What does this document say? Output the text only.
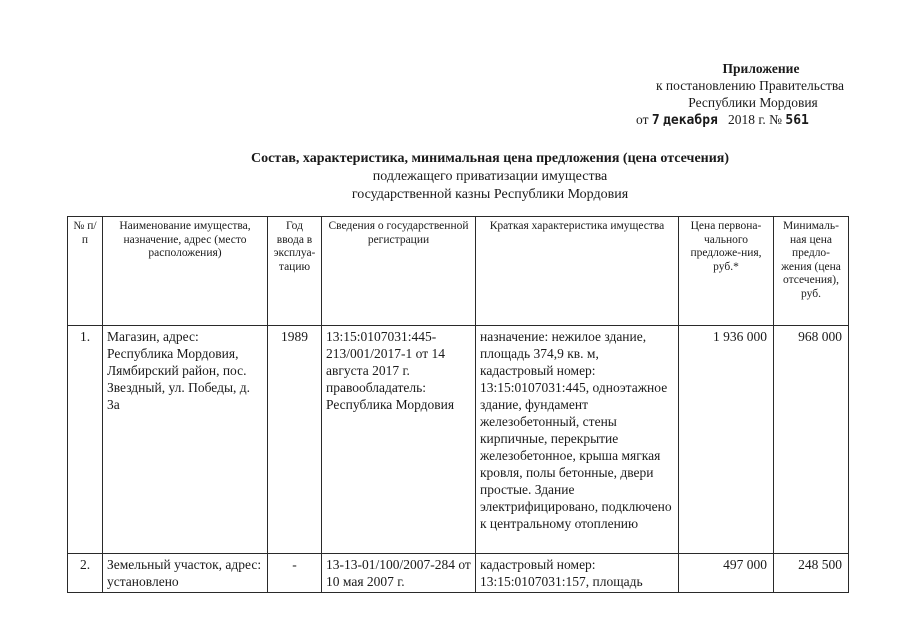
Приложение
к постановлению Правительства
Республики Мордовия
от 7 декабря 2018 г. № 561
Состав, характеристика, минимальная цена предложения (цена отсечения)
подлежащего приватизации имущества
государственной казны Республики Мордовия
№ п/п	Наименование имущества, назначение, адрес (место расположения)	Год ввода в эксплуа-тацию	Сведения о государственной регистрации	Краткая характеристика имущества	Цена первона-чального предложе-ния, руб.*	Минималь-ная цена предло-жения (цена отсечения), руб.
1.	Магазин, адрес: Республика Мордовия, Лямбирский район, пос. Звездный, ул. Победы, д. 3а	1989	13:15:0107031:445-213/001/2017-1 от 14 августа 2017 г. правообладатель: Республика Мордовия	назначение: нежилое здание, площадь 374,9 кв. м, кадастровый номер: 13:15:0107031:445, одноэтажное здание, фундамент железобетонный, стены кирпичные, перекрытие железобетонное, крыша мягкая кровля, полы бетонные, двери простые. Здание электрифицировано, подключено к центральному отоплению	1 936 000	968 000
2.	Земельный участок, адрес: установлено	-	13-13-01/100/2007-284 от 10 мая 2007 г.	кадастровый номер: 13:15:0107031:157, площадь	497 000	248 500
